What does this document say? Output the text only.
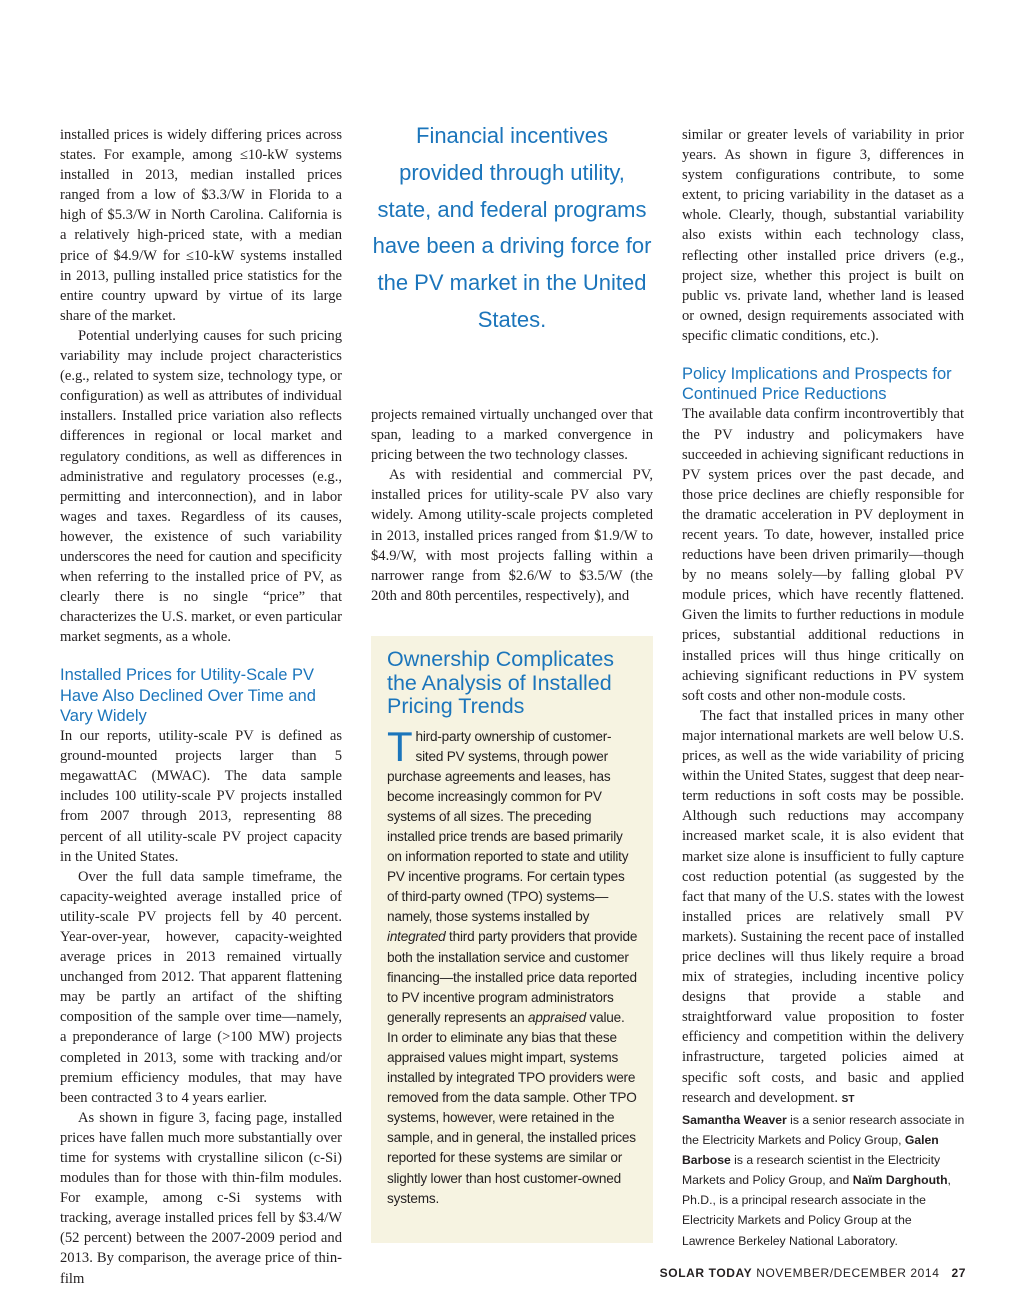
installed prices is widely differing prices across states. For example, among ≤10-kW systems installed in 2013, median installed prices ranged from a low of $3.3/W in Florida to a high of $5.3/W in North Carolina. California is a relatively high-priced state, with a median price of $4.9/W for ≤10-kW systems installed in 2013, pulling installed price statistics for the entire country upward by virtue of its large share of the market.

Potential underlying causes for such pricing variability may include project characteristics (e.g., related to system size, technology type, or configuration) as well as attributes of individual installers. Installed price variation also reflects differences in regional or local market and regulatory conditions, as well as differences in administrative and regulatory processes (e.g., permitting and interconnection), and in labor wages and taxes. Regardless of its causes, however, the existence of such variability underscores the need for caution and specificity when referring to the installed price of PV, as clearly there is no single “price” that characterizes the U.S. market, or even particular market segments, as a whole.

Installed Prices for Utility-Scale PV Have Also Declined Over Time and Vary Widely

In our reports, utility-scale PV is defined as ground-mounted projects larger than 5 megawattAC (MWAC). The data sample includes 100 utility-scale PV projects installed from 2007 through 2013, representing 88 percent of all utility-scale PV project capacity in the United States.

Over the full data sample timeframe, the capacity-weighted average installed price of utility-scale PV projects fell by 40 percent. Year-over-year, however, capacity-weighted average prices in 2013 remained virtually unchanged from 2012. That apparent flattening may be partly an artifact of the shifting composition of the sample over time—namely, a preponderance of large (>100 MW) projects completed in 2013, some with tracking and/or premium efficiency modules, that may have been contracted 3 to 4 years earlier.

As shown in figure 3, facing page, installed prices have fallen much more substantially over time for systems with crystalline silicon (c-Si) modules than for those with thin-film modules. For example, among c-Si systems with tracking, average installed prices fell by $3.4/W (52 percent) between the 2007-2009 period and 2013. By comparison, the average price of thin-film

Financial incentives provided through utility, state, and federal programs have been a driving force for the PV market in the United States.

projects remained virtually unchanged over that span, leading to a marked convergence in pricing between the two technology classes.

As with residential and commercial PV, installed prices for utility-scale PV also vary widely. Among utility-scale projects completed in 2013, installed prices ranged from $1.9/W to $4.9/W, with most projects falling within a narrower range from $2.6/W to $3.5/W (the 20th and 80th percentiles, respectively), and

Ownership Complicates the Analysis of Installed Pricing Trends
Third-party ownership of customer-sited PV systems, through power purchase agreements and leases, has become increasingly common for PV systems of all sizes. The preceding installed price trends are based primarily on information reported to state and utility PV incentive programs. For certain types of third-party owned (TPO) systems—namely, those systems installed by integrated third party providers that provide both the installation service and customer financing—the installed price data reported to PV incentive program administrators generally represents an appraised value. In order to eliminate any bias that these appraised values might impart, systems installed by integrated TPO providers were removed from the data sample. Other TPO systems, however, were retained in the sample, and in general, the installed prices reported for these systems are similar or slightly lower than host customer-owned systems.

similar or greater levels of variability in prior years. As shown in figure 3, differences in system configurations contribute, to some extent, to pricing variability in the dataset as a whole. Clearly, though, substantial variability also exists within each technology class, reflecting other installed price drivers (e.g., project size, whether this project is built on public vs. private land, whether land is leased or owned, design requirements associated with specific climatic conditions, etc.).

Policy Implications and Prospects for Continued Price Reductions

The available data confirm incontrovertibly that the PV industry and policymakers have succeeded in achieving significant reductions in PV system prices over the past decade, and those price declines are chiefly responsible for the dramatic acceleration in PV deployment in recent years. To date, however, installed price reductions have been driven primarily—though by no means solely—by falling global PV module prices, which have recently flattened. Given the limits to further reductions in module prices, substantial additional reductions in installed prices will thus hinge critically on achieving significant reductions in PV system soft costs and other non-module costs.

The fact that installed prices in many other major international markets are well below U.S. prices, as well as the wide variability of pricing within the United States, suggest that deep near-term reductions in soft costs may be possible. Although such reductions may accompany increased market scale, it is also evident that market size alone is insufficient to fully capture cost reduction potential (as suggested by the fact that many of the U.S. states with the lowest installed prices are relatively small PV markets). Sustaining the recent pace of installed price declines will thus likely require a broad mix of strategies, including incentive policy designs that provide a stable and straightforward value proposition to foster efficiency and competition within the delivery infrastructure, targeted policies aimed at specific soft costs, and basic and applied research and development. ST

Samantha Weaver is a senior research associate in the Electricity Markets and Policy Group, Galen Barbose is a research scientist in the Electricity Markets and Policy Group, and Naïm Darghouth, Ph.D., is a principal research associate in the Electricity Markets and Policy Group at the Lawrence Berkeley National Laboratory.
SOLAR TODAY NOVEMBER/DECEMBER 2014 27
